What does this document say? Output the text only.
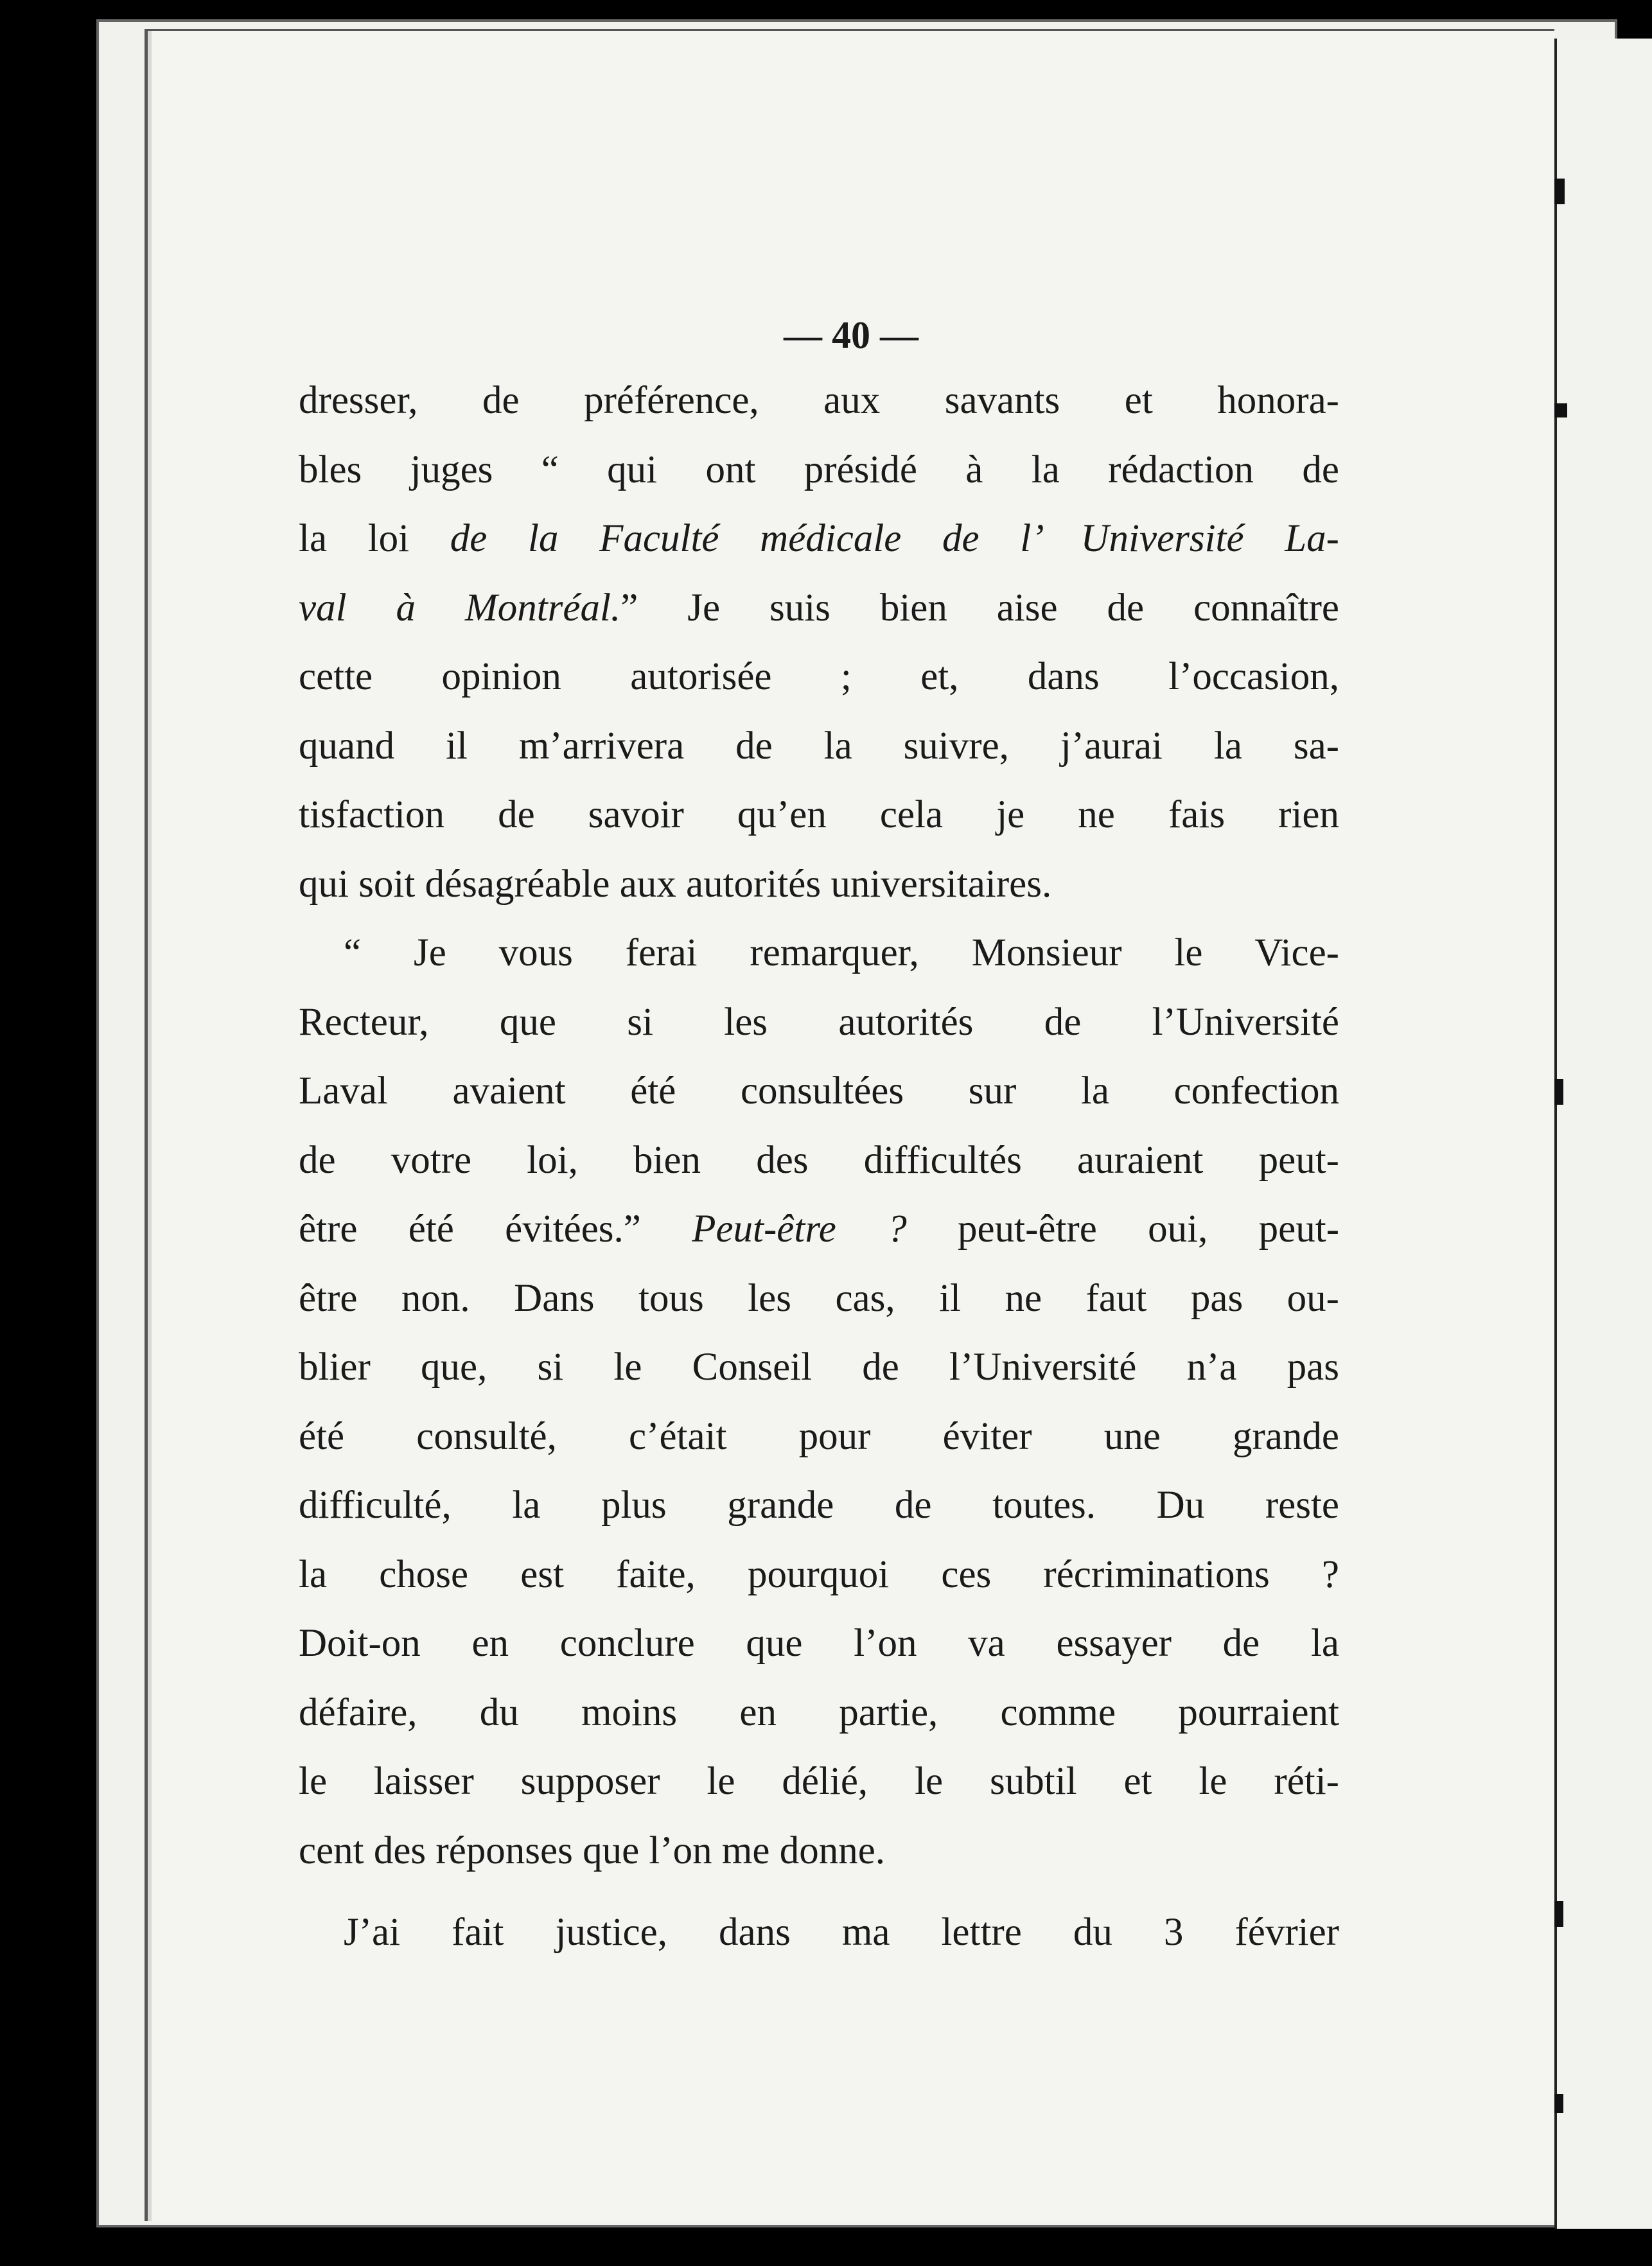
— 40 —
dresser, de préférence, aux savants et honora-
bles juges “ qui ont présidé à la rédaction de
la loi de la Faculté médicale de l’ Université La-
val à Montréal.” Je suis bien aise de connaître
cette opinion autorisée ; et, dans l’occasion,
quand il m’arrivera de la suivre, j’aurai la sa-
tisfaction de savoir qu’en cela je ne fais rien
qui soit désagréable aux autorités universitaires.
“ Je vous ferai remarquer, Monsieur le Vice-
Recteur, que si les autorités de l’Université
Laval avaient été consultées sur la confection
de votre loi, bien des difficultés auraient peut-
être été évitées.” Peut-être ? peut-être oui, peut-
être non. Dans tous les cas, il ne faut pas ou-
blier que, si le Conseil de l’Université n’a pas
été consulté, c’était pour éviter une grande
difficulté, la plus grande de toutes. Du reste
la chose est faite, pourquoi ces récriminations ?
Doit-on en conclure que l’on va essayer de la
défaire, du moins en partie, comme pourraient
le laisser supposer le délié, le subtil et le réti-
cent des réponses que l’on me donne.
J’ai fait justice, dans ma lettre du 3 février
